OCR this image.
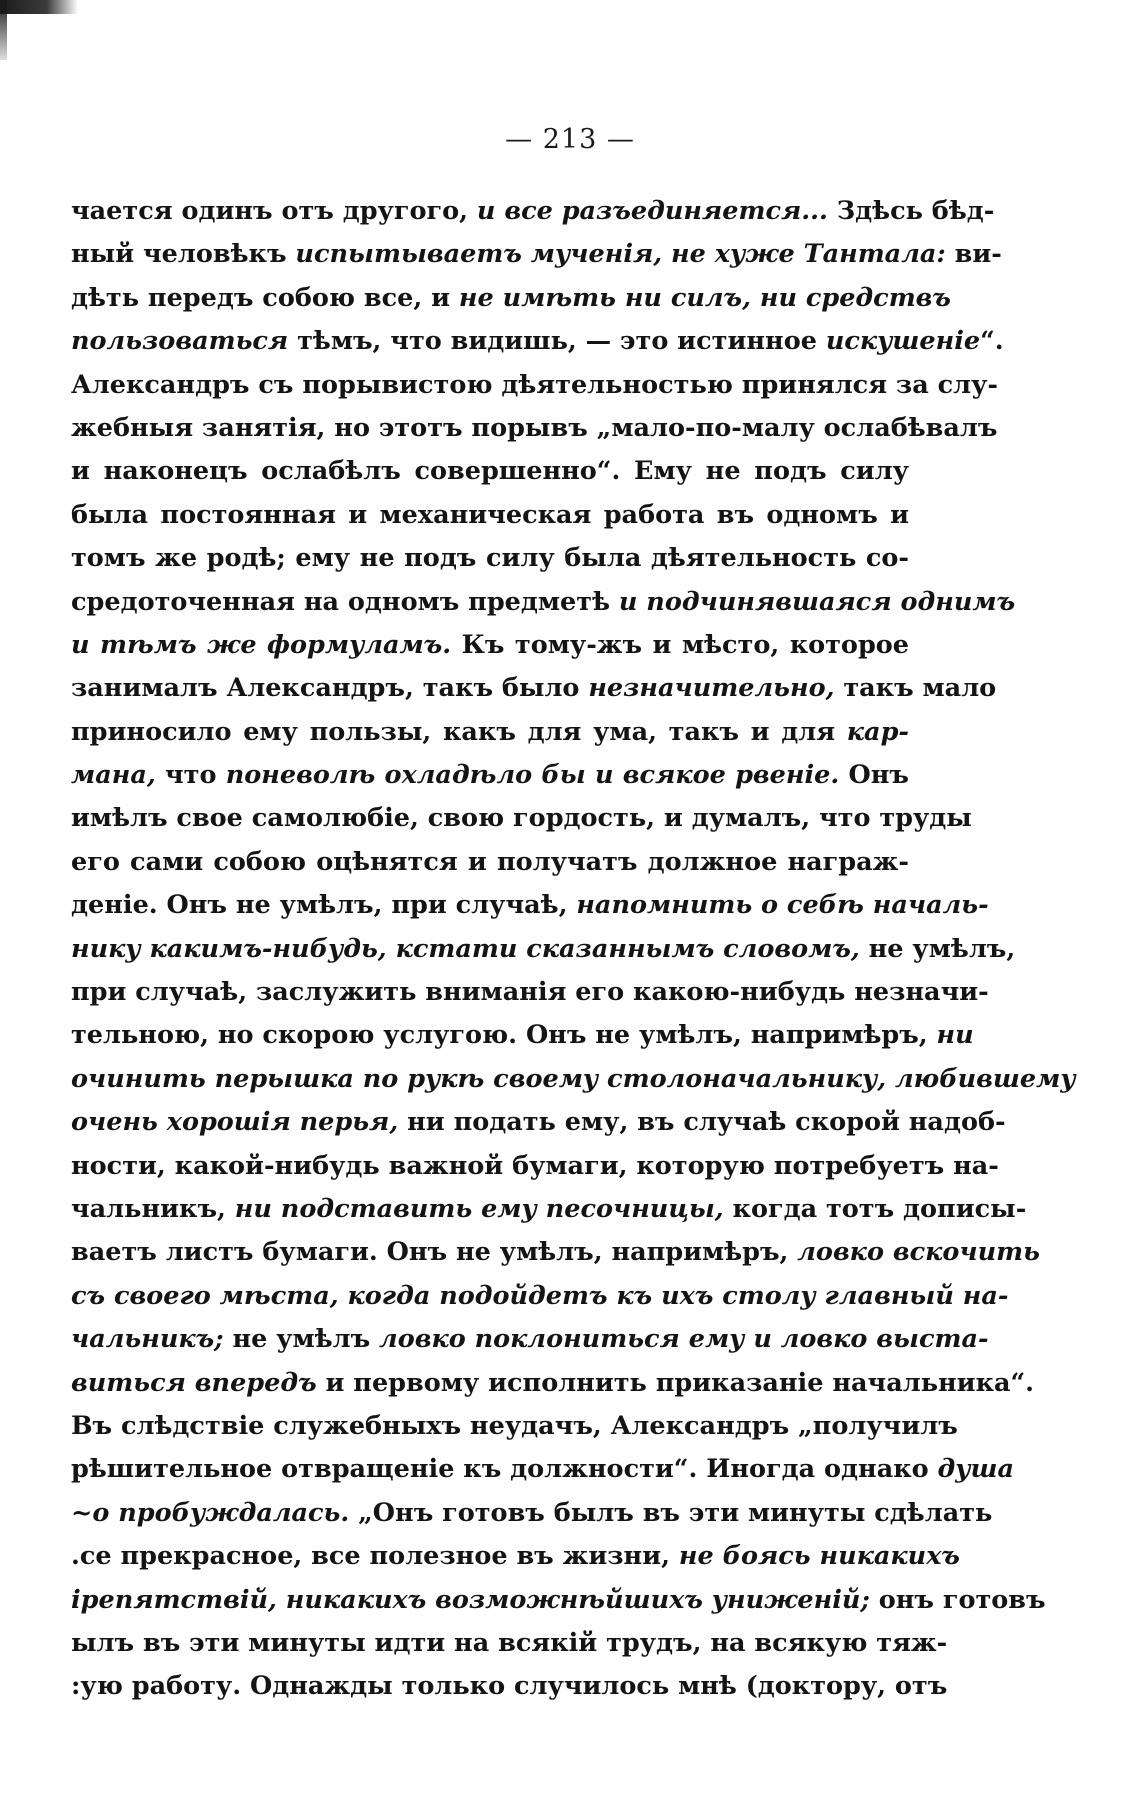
— 213 —
чается одинъ отъ другого, и все разъединяется... Здѣсь бѣд-
ный человѣкъ испытываетъ мученія, не хуже Тантала: ви-
дѣть передъ собою все, и не имѣть ни силъ, ни средствъ
пользоваться тѣмъ, что видишь, — это истинное искушеніе“.
Александръ съ порывистою дѣятельностью принялся за слу-
жебныя занятія, но этотъ порывъ „мало-по-малу ослабѣвалъ
и наконецъ ослабѣлъ совершенно“. Ему не подъ силу
была постоянная и механическая работа въ одномъ и
томъ же родѣ; ему не подъ силу была дѣятельность со-
средоточенная на одномъ предметѣ и подчинявшаяся однимъ
и тѣмъ же формуламъ. Къ тому-жъ и мѣсто, которое
занималъ Александръ, такъ было незначительно, такъ мало
приносило ему пользы, какъ для ума, такъ и для кар-
мана, что поневолѣ охладѣло бы и всякое рвеніе. Онъ
имѣлъ свое самолюбіе, свою гордость, и думалъ, что труды
его сами собою оцѣнятся и получатъ должное награж-
деніе. Онъ не умѣлъ, при случаѣ, напомнить о себѣ началь-
нику какимъ-нибудь, кстати сказаннымъ словомъ, не умѣлъ,
при случаѣ, заслужить вниманія его какою-нибудь незначи-
тельною, но скорою услугою. Онъ не умѣлъ, напримѣръ, ни
очинить перышка по рукѣ своему столоначальнику, любившему
очень хорошія перья, ни подать ему, въ случаѣ скорой надоб-
ности, какой-нибудь важной бумаги, которую потребуетъ на-
чальникъ, ни подставить ему песочницы, когда тотъ дописы-
ваетъ листъ бумаги. Онъ не умѣлъ, напримѣръ, ловко вскочить
съ своего мѣста, когда подойдетъ къ ихъ столу главный на-
чальникъ; не умѣлъ ловко поклониться ему и ловко выста-
виться впередъ и первому исполнить приказаніе начальника“.
Въ слѣдствіе служебныхъ неудачъ, Александръ „получилъ
рѣшительное отвращеніе къ должности“. Иногда однако душа
~о пробуждалась. „Онъ готовъ былъ въ эти минуты сдѣлать
.се прекрасное, все полезное въ жизни, не боясь никакихъ
ірепятствій, никакихъ возможнѣйшихъ униженій; онъ готовъ
ылъ въ эти минуты идти на всякій трудъ, на всякую тяж-
:ую работу. Однажды только случилось мнѣ (доктору, отъ
